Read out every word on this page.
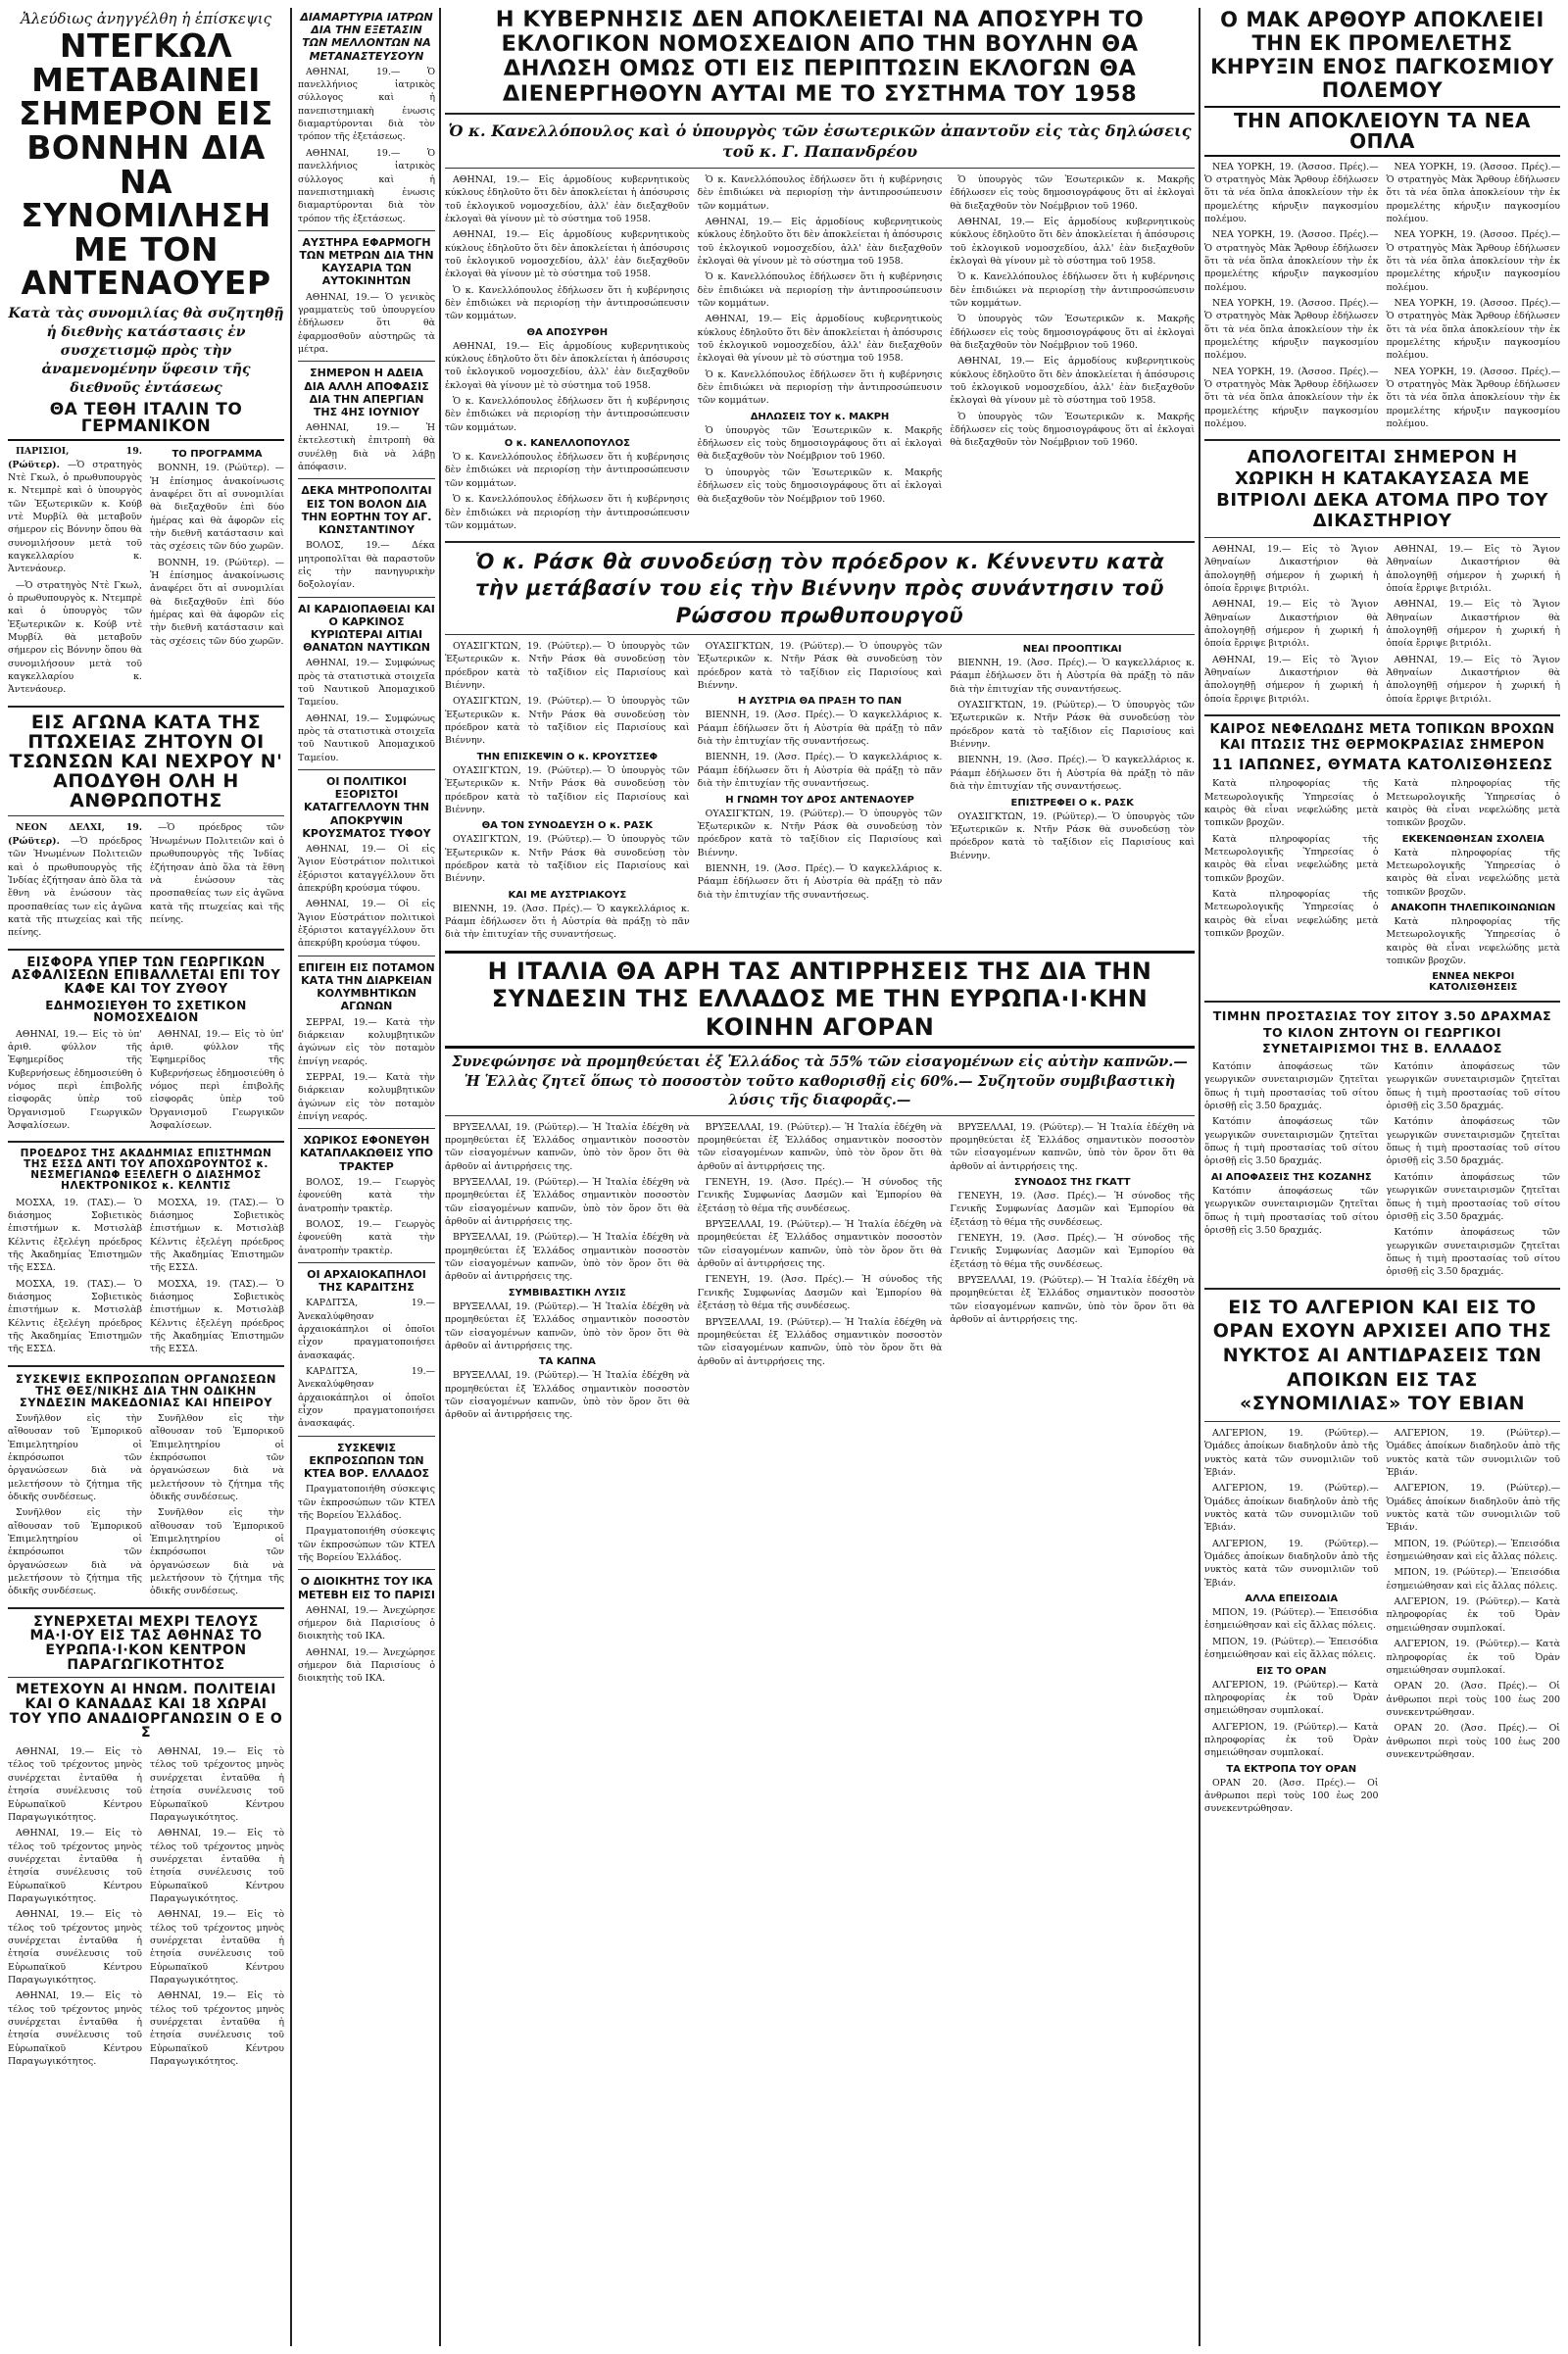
Ἀλεύδιως ἀνηγγέλθη ἡ ἐπίσκεψις
ΝΤΕΓΚΩΛ ΜΕΤΑΒΑΙΝΕΙ ΣΗΜΕΡΟΝ ΕΙΣ ΒΟΝΝΗΝ ΔΙΑ ΝΑ ΣΥΝΟΜΙΛΗΣΗ ΜΕ ΤΟΝ ΑΝΤΕΝΑΟΥΕΡ
Κατὰ τὰς συνομιλίας θὰ συζητηθῇ ἡ διεθνὴς κατάστασις ἐν συσχετισμῷ πρὸς τὴν ἀναμενομένην ὕφεσιν τῆς διεθνοῦς ἐντάσεως
ΘΑ ΤΕΘΗ ΙΤΑΛΙΝ ΤΟ ΓΕΡΜΑΝΙΚΟΝ

ΠΑΡΙΣΙΟΙ, 19. (Ρώϋτερ). —Ὁ στρατηγὸς Ντὲ Γκωλ, ὁ πρωθυπουργὸς κ. Ντεμπρὲ καὶ ὁ ὑπουργὸς τῶν Ἐξωτερικῶν κ. Κούβ ντὲ Μυρβίλ θὰ μεταβοῦν σήμερον εἰς Βόννην ὅπου θὰ συνομιλήσουν μετὰ τοῦ καγκελλαρίου κ. Ἀντενάουερ.

—Ὁ στρατηγὸς Ντὲ Γκωλ, ὁ πρωθυπουργὸς κ. Ντεμπρὲ καὶ ὁ ὑπουργὸς τῶν Ἐξωτερικῶν κ. Κούβ ντὲ Μυρβίλ θὰ μεταβοῦν σήμερον εἰς Βόννην ὅπου θὰ συνομιλήσουν μετὰ τοῦ καγκελλαρίου κ. Ἀντενάουερ.

ΤΟ ΠΡΟΓΡΑΜΜΑ

ΒΟΝΝΗ, 19. (Ρώϋτερ). —Ἡ ἐπίσημος ἀνακοίνωσις ἀναφέρει ὅτι αἱ συνομιλίαι θὰ διεξαχθοῦν ἐπὶ δύο ἡμέρας καὶ θὰ ἀφορῶν εἰς τὴν διεθνῆ κατάστασιν καὶ τὰς σχέσεις τῶν δύο χωρῶν.

ΒΟΝΝΗ, 19. (Ρώϋτερ). —Ἡ ἐπίσημος ἀνακοίνωσις ἀναφέρει ὅτι αἱ συνομιλίαι θὰ διεξαχθοῦν ἐπὶ δύο ἡμέρας καὶ θὰ ἀφορῶν εἰς τὴν διεθνῆ κατάστασιν καὶ τὰς σχέσεις τῶν δύο χωρῶν.

ΕΙΣ ΑΓΩΝΑ ΚΑΤΑ ΤΗΣ ΠΤΩΧΕΙΑΣ ΖΗΤΟΥΝ ΟΙ ΤΣΩΝΣΩΝ ΚΑΙ ΝΕΧΡΟΥ Ν' ΑΠΟΔΥΘΗ ΟΛΗ Η ΑΝΘΡΩΠΟΤΗΣ

ΝΕΟΝ ΔΕΛΧΙ, 19. (Ρώϋτερ). —Ὁ πρόεδρος τῶν Ἡνωμένων Πολιτειῶν καὶ ὁ πρωθυπουργὸς τῆς Ἰνδίας ἐζήτησαν ἀπὸ ὅλα τὰ ἔθνη νὰ ἑνώσουν τὰς προσπαθείας των εἰς ἀγῶνα κατὰ τῆς πτωχείας καὶ τῆς πείνης.

—Ὁ πρόεδρος τῶν Ἡνωμένων Πολιτειῶν καὶ ὁ πρωθυπουργὸς τῆς Ἰνδίας ἐζήτησαν ἀπὸ ὅλα τὰ ἔθνη νὰ ἑνώσουν τὰς προσπαθείας των εἰς ἀγῶνα κατὰ τῆς πτωχείας καὶ τῆς πείνης.

ΕΙΣΦΟΡΑ ΥΠΕΡ ΤΩΝ ΓΕΩΡΓΙΚΩΝ ΑΣΦΑΛΙΣΕΩΝ ΕΠΙΒΑΛΛΕΤΑΙ ΕΠΙ ΤΟΥ ΚΑΦΕ ΚΑΙ ΤΟΥ ΖΥΘΟΥ
ΕΔΗΜΟΣΙΕΥΘΗ ΤΟ ΣΧΕΤΙΚΟΝ ΝΟΜΟΣΧΕΔΙΟΝ

ΑΘΗΝΑΙ, 19.— Εἰς τὸ ὑπ' ἀριθ. φύλλον τῆς Ἐφημερίδος τῆς Κυβερνήσεως ἐδημοσιεύθη ὁ νόμος περὶ ἐπιβολῆς εἰσφορᾶς ὑπὲρ τοῦ Ὀργανισμοῦ Γεωργικῶν Ἀσφαλίσεων.

ΑΘΗΝΑΙ, 19.— Εἰς τὸ ὑπ' ἀριθ. φύλλον τῆς Ἐφημερίδος τῆς Κυβερνήσεως ἐδημοσιεύθη ὁ νόμος περὶ ἐπιβολῆς εἰσφορᾶς ὑπὲρ τοῦ Ὀργανισμοῦ Γεωργικῶν Ἀσφαλίσεων.

ΠΡΟΕΔΡΟΣ ΤΗΣ ΑΚΑΔΗΜΙΑΣ ΕΠΙΣΤΗΜΩΝ ΤΗΣ ΕΣΣΔ ΑΝΤΙ ΤΟΥ ΑΠΟΧΩΡΟΥΝΤΟΣ κ. ΝΕΣΜΕΓΙΑΝΩΦ ΕΞΕΛΕΓΗ Ο ΔΙΑΣΗΜΟΣ ΗΛΕΚΤΡΟΝΙΚΟΣ κ. ΚΕΛΝΤΙΣ

ΜΟΣΧΑ, 19. (ΤΑΣ).— Ὁ διάσημος Σοβιετικὸς ἐπιστήμων κ. Μστισλὰβ Κέλντις ἐξελέγη πρόεδρος τῆς Ἀκαδημίας Ἐπιστημῶν τῆς ΕΣΣΔ.

ΜΟΣΧΑ, 19. (ΤΑΣ).— Ὁ διάσημος Σοβιετικὸς ἐπιστήμων κ. Μστισλὰβ Κέλντις ἐξελέγη πρόεδρος τῆς Ἀκαδημίας Ἐπιστημῶν τῆς ΕΣΣΔ.

ΜΟΣΧΑ, 19. (ΤΑΣ).— Ὁ διάσημος Σοβιετικὸς ἐπιστήμων κ. Μστισλὰβ Κέλντις ἐξελέγη πρόεδρος τῆς Ἀκαδημίας Ἐπιστημῶν τῆς ΕΣΣΔ.

ΜΟΣΧΑ, 19. (ΤΑΣ).— Ὁ διάσημος Σοβιετικὸς ἐπιστήμων κ. Μστισλὰβ Κέλντις ἐξελέγη πρόεδρος τῆς Ἀκαδημίας Ἐπιστημῶν τῆς ΕΣΣΔ.

ΣΥΣΚΕΨΙΣ ΕΚΠΡΟΣΩΠΩΝ ΟΡΓΑΝΩΣΕΩΝ ΤΗΣ ΘΕΣ/ΝΙΚΗΣ ΔΙΑ ΤΗΝ ΟΔΙΚΗΝ ΣΥΝΔΕΣΙΝ ΜΑΚΕΔΟΝΙΑΣ ΚΑΙ ΗΠΕΙΡΟΥ

Συνῆλθον εἰς τὴν αἴθουσαν τοῦ Ἐμπορικοῦ Ἐπιμελητηρίου οἱ ἐκπρόσωποι τῶν ὀργανώσεων διὰ νὰ μελετήσουν τὸ ζήτημα τῆς ὁδικῆς συνδέσεως.

Συνῆλθον εἰς τὴν αἴθουσαν τοῦ Ἐμπορικοῦ Ἐπιμελητηρίου οἱ ἐκπρόσωποι τῶν ὀργανώσεων διὰ νὰ μελετήσουν τὸ ζήτημα τῆς ὁδικῆς συνδέσεως.

Συνῆλθον εἰς τὴν αἴθουσαν τοῦ Ἐμπορικοῦ Ἐπιμελητηρίου οἱ ἐκπρόσωποι τῶν ὀργανώσεων διὰ νὰ μελετήσουν τὸ ζήτημα τῆς ὁδικῆς συνδέσεως.

Συνῆλθον εἰς τὴν αἴθουσαν τοῦ Ἐμπορικοῦ Ἐπιμελητηρίου οἱ ἐκπρόσωποι τῶν ὀργανώσεων διὰ νὰ μελετήσουν τὸ ζήτημα τῆς ὁδικῆς συνδέσεως.

ΣΥΝΕΡΧΕΤΑΙ ΜΕΧΡΙ ΤΕΛΟΥΣ ΜΑ·Ι·ΟΥ ΕΙΣ ΤΑΣ ΑΘΗΝΑΣ ΤΟ ΕΥΡΩΠΑ·Ι·ΚΟΝ ΚΕΝΤΡΟΝ ΠΑΡΑΓΩΓΙΚΟΤΗΤΟΣ
ΜΕΤΕΧΟΥΝ ΑΙ ΗΝΩΜ. ΠΟΛΙΤΕΙΑΙ ΚΑΙ Ο ΚΑΝΑΔΑΣ ΚΑΙ 18 ΧΩΡΑΙ ΤΟΥ ΥΠΟ ΑΝΑΔΙΟΡΓΑΝΩΣΙΝ Ο Ε Ο Σ

ΑΘΗΝΑΙ, 19.— Εἰς τὸ τέλος τοῦ τρέχοντος μηνὸς συνέρχεται ἐνταῦθα ἡ ἐτησία συνέλευσις τοῦ Εὐρωπαϊκοῦ Κέντρου Παραγωγικότητος.

ΑΘΗΝΑΙ, 19.— Εἰς τὸ τέλος τοῦ τρέχοντος μηνὸς συνέρχεται ἐνταῦθα ἡ ἐτησία συνέλευσις τοῦ Εὐρωπαϊκοῦ Κέντρου Παραγωγικότητος.

ΑΘΗΝΑΙ, 19.— Εἰς τὸ τέλος τοῦ τρέχοντος μηνὸς συνέρχεται ἐνταῦθα ἡ ἐτησία συνέλευσις τοῦ Εὐρωπαϊκοῦ Κέντρου Παραγωγικότητος.

ΑΘΗΝΑΙ, 19.— Εἰς τὸ τέλος τοῦ τρέχοντος μηνὸς συνέρχεται ἐνταῦθα ἡ ἐτησία συνέλευσις τοῦ Εὐρωπαϊκοῦ Κέντρου Παραγωγικότητος.

ΑΘΗΝΑΙ, 19.— Εἰς τὸ τέλος τοῦ τρέχοντος μηνὸς συνέρχεται ἐνταῦθα ἡ ἐτησία συνέλευσις τοῦ Εὐρωπαϊκοῦ Κέντρου Παραγωγικότητος.

ΑΘΗΝΑΙ, 19.— Εἰς τὸ τέλος τοῦ τρέχοντος μηνὸς συνέρχεται ἐνταῦθα ἡ ἐτησία συνέλευσις τοῦ Εὐρωπαϊκοῦ Κέντρου Παραγωγικότητος.

ΑΘΗΝΑΙ, 19.— Εἰς τὸ τέλος τοῦ τρέχοντος μηνὸς συνέρχεται ἐνταῦθα ἡ ἐτησία συνέλευσις τοῦ Εὐρωπαϊκοῦ Κέντρου Παραγωγικότητος.

ΑΘΗΝΑΙ, 19.— Εἰς τὸ τέλος τοῦ τρέχοντος μηνὸς συνέρχεται ἐνταῦθα ἡ ἐτησία συνέλευσις τοῦ Εὐρωπαϊκοῦ Κέντρου Παραγωγικότητος.

ΔΙΑΜΑΡΤΥΡΙΑ ΙΑΤΡΩΝ ΔΙΑ ΤΗΝ ΕΞΕΤΑΣΙΝ ΤΩΝ ΜΕΛΛΟΝΤΩΝ ΝΑ ΜΕΤΑΝΑΣΤΕΥΣΟΥΝ

ΑΘΗΝΑΙ, 19.— Ὁ πανελλήνιος ἰατρικὸς σύλλογος καὶ ἡ πανεπιστημιακὴ ἐνωσις διαμαρτύρονται διὰ τὸν τρόπον τῆς ἐξετάσεως.

ΑΘΗΝΑΙ, 19.— Ὁ πανελλήνιος ἰατρικὸς σύλλογος καὶ ἡ πανεπιστημιακὴ ἐνωσις διαμαρτύρονται διὰ τὸν τρόπον τῆς ἐξετάσεως.

ΑΥΣΤΗΡΑ ΕΦΑΡΜΟΓΗ ΤΩΝ ΜΕΤΡΩΝ ΔΙΑ ΤΗΝ ΚΑΥΣΑΡΙΑ ΤΩΝ ΑΥΤΟΚΙΝΗΤΩΝ

ΑΘΗΝΑΙ, 19.— Ὁ γενικὸς γραμματεὺς τοῦ ὑπουργείου ἐδήλωσεν ὅτι θὰ ἐφαρμοσθοῦν αὐστηρῶς τὰ μέτρα.

ΣΗΜΕΡΟΝ Η ΑΔΕΙΑ ΔΙΑ ΑΛΛΗ ΑΠΟΦΑΣΙΣ ΔΙΑ ΤΗΝ ΑΠΕΡΓΙΑΝ ΤΗΣ 4ΗΣ ΙΟΥΝΙΟΥ

ΑΘΗΝΑΙ, 19.— Ἡ ἐκτελεστικὴ ἐπιτροπὴ θὰ συνέλθῃ διὰ νὰ λάβῃ ἀπόφασιν.

ΔΕΚΑ ΜΗΤΡΟΠΟΛΙΤΑΙ ΕΙΣ ΤΟΝ ΒΟΛΟΝ ΔΙΑ ΤΗΝ ΕΟΡΤΗΝ ΤΟΥ ΑΓ. ΚΩΝΣΤΑΝΤΙΝΟΥ

ΒΟΛΟΣ, 19.— Δέκα μητροπολῖται θὰ παραστοῦν εἰς τὴν πανηγυρικὴν δοξολογίαν.

ΑΙ ΚΑΡΔΙΟΠΑΘΕΙΑΙ ΚΑΙ Ο ΚΑΡΚΙΝΟΣ ΚΥΡΙΩΤΕΡΑΙ ΑΙΤΙΑΙ ΘΑΝΑΤΩΝ ΝΑΥΤΙΚΩΝ

ΑΘΗΝΑΙ, 19.— Συμφώνως πρὸς τὰ στατιστικὰ στοιχεῖα τοῦ Ναυτικοῦ Ἀπομαχικοῦ Ταμείου.

ΑΘΗΝΑΙ, 19.— Συμφώνως πρὸς τὰ στατιστικὰ στοιχεῖα τοῦ Ναυτικοῦ Ἀπομαχικοῦ Ταμείου.

ΟΙ ΠΟΛΙΤΙΚΟΙ ΕΞΟΡΙΣΤΟΙ ΚΑΤΑΓΓΕΛΛΟΥΝ ΤΗΝ ΑΠΟΚΡΥΨΙΝ ΚΡΟΥΣΜΑΤΟΣ ΤΥΦΟΥ

ΑΘΗΝΑΙ, 19.— Οἱ εἰς Ἅγιον Εὐστράτιον πολιτικοὶ ἐξόριστοι καταγγέλλουν ὅτι ἀπεκρύβη κρούσμα τύφου.

ΑΘΗΝΑΙ, 19.— Οἱ εἰς Ἅγιον Εὐστράτιον πολιτικοὶ ἐξόριστοι καταγγέλλουν ὅτι ἀπεκρύβη κρούσμα τύφου.

ΕΠΙΓΕΙΗ ΕΙΣ ΠΟΤΑΜΟΝ ΚΑΤΑ ΤΗΝ ΔΙΑΡΚΕΙΑΝ ΚΟΛΥΜΒΗΤΙΚΩΝ ΑΓΩΝΩΝ

ΣΕΡΡΑΙ, 19.— Κατὰ τὴν διάρκειαν κολυμβητικῶν ἀγώνων εἰς τὸν ποταμὸν ἐπνίγη νεαρός.

ΣΕΡΡΑΙ, 19.— Κατὰ τὴν διάρκειαν κολυμβητικῶν ἀγώνων εἰς τὸν ποταμὸν ἐπνίγη νεαρός.

ΧΩΡΙΚΟΣ ΕΦΟΝΕΥΘΗ ΚΑΤΑΠΛΑΚΩΘΕΙΣ ΥΠΟ ΤΡΑΚΤΕΡ

ΒΟΛΟΣ, 19.— Γεωργὸς ἐφονεύθη κατὰ τὴν ἀνατροπὴν τρακτὲρ.

ΒΟΛΟΣ, 19.— Γεωργὸς ἐφονεύθη κατὰ τὴν ἀνατροπὴν τρακτὲρ.

ΟΙ ΑΡΧΑΙΟΚΑΠΗΛΟΙ ΤΗΣ ΚΑΡΔΙΤΣΗΣ

ΚΑΡΔΙΤΣΑ, 19.— Ἀνεκαλύφθησαν ἀρχαιοκάπηλοι οἱ ὁποῖοι εἶχον πραγματοποιήσει ἀνασκαφάς.

ΚΑΡΔΙΤΣΑ, 19.— Ἀνεκαλύφθησαν ἀρχαιοκάπηλοι οἱ ὁποῖοι εἶχον πραγματοποιήσει ἀνασκαφάς.

ΣΥΣΚΕΨΙΣ ΕΚΠΡΟΣΩΠΩΝ ΤΩΝ ΚΤΕΑ ΒΟΡ. ΕΛΛΑΔΟΣ

Πραγματοποιήθη σύσκεψις τῶν ἐκπροσώπων τῶν ΚΤΕΛ τῆς Βορείου Ἑλλάδος.

Πραγματοποιήθη σύσκεψις τῶν ἐκπροσώπων τῶν ΚΤΕΛ τῆς Βορείου Ἑλλάδος.

Ο ΔΙΟΙΚΗΤΗΣ ΤΟΥ ΙΚΑ ΜΕΤΕΒΗ ΕΙΣ ΤΟ ΠΑΡΙΣΙ

ΑΘΗΝΑΙ, 19.— Ἀνεχώρησε σήμερον διὰ Παρισίους ὁ διοικητὴς τοῦ ΙΚΑ.

ΑΘΗΝΑΙ, 19.— Ἀνεχώρησε σήμερον διὰ Παρισίους ὁ διοικητὴς τοῦ ΙΚΑ.

Η ΚΥΒΕΡΝΗΣΙΣ ΔΕΝ ΑΠΟΚΛΕΙΕΤΑΙ ΝΑ ΑΠΟΣΥΡΗ ΤΟ ΕΚΛΟΓΙΚΟΝ ΝΟΜΟΣΧΕΔΙΟΝ ΑΠΟ ΤΗΝ ΒΟΥΛΗΝ ΘΑ ΔΗΛΩΣΗ ΟΜΩΣ ΟΤΙ ΕΙΣ ΠΕΡΙΠΤΩΣΙΝ ΕΚΛΟΓΩΝ ΘΑ ΔΙΕΝΕΡΓΗΘΟΥΝ ΑΥΤΑΙ ΜΕ ΤΟ ΣΥΣΤΗΜΑ ΤΟΥ 1958
Ὁ κ. Κανελλόπουλος καὶ ὁ ὑπουργὸς τῶν ἐσωτερικῶν ἀπαντοῦν εἰς τὰς δηλώσεις τοῦ κ. Γ. Παπανδρέου

ΑΘΗΝΑΙ, 19.— Εἰς ἁρμοδίους κυβερνητικοὺς κύκλους ἐδηλοῦτο ὅτι δὲν ἀποκλείεται ἡ ἀπόσυρσις τοῦ ἐκλογικοῦ νομοσχεδίου, ἀλλ' ἐὰν διεξαχθοῦν ἐκλογαὶ θὰ γίνουν μὲ τὸ σύστημα τοῦ 1958.

ΑΘΗΝΑΙ, 19.— Εἰς ἁρμοδίους κυβερνητικοὺς κύκλους ἐδηλοῦτο ὅτι δὲν ἀποκλείεται ἡ ἀπόσυρσις τοῦ ἐκλογικοῦ νομοσχεδίου, ἀλλ' ἐὰν διεξαχθοῦν ἐκλογαὶ θὰ γίνουν μὲ τὸ σύστημα τοῦ 1958.

Ὁ κ. Κανελλόπουλος ἐδήλωσεν ὅτι ἡ κυβέρνησις δὲν ἐπιδιώκει νὰ περιορίσῃ τὴν ἀντιπροσώπευσιν τῶν κομμάτων.

ΘΑ ΑΠΟΣΥΡΘΗ

ΑΘΗΝΑΙ, 19.— Εἰς ἁρμοδίους κυβερνητικοὺς κύκλους ἐδηλοῦτο ὅτι δὲν ἀποκλείεται ἡ ἀπόσυρσις τοῦ ἐκλογικοῦ νομοσχεδίου, ἀλλ' ἐὰν διεξαχθοῦν ἐκλογαὶ θὰ γίνουν μὲ τὸ σύστημα τοῦ 1958.

Ὁ κ. Κανελλόπουλος ἐδήλωσεν ὅτι ἡ κυβέρνησις δὲν ἐπιδιώκει νὰ περιορίσῃ τὴν ἀντιπροσώπευσιν τῶν κομμάτων.

Ο κ. ΚΑΝΕΛΛΟΠΟΥΛΟΣ

Ὁ κ. Κανελλόπουλος ἐδήλωσεν ὅτι ἡ κυβέρνησις δὲν ἐπιδιώκει νὰ περιορίσῃ τὴν ἀντιπροσώπευσιν τῶν κομμάτων.

Ὁ κ. Κανελλόπουλος ἐδήλωσεν ὅτι ἡ κυβέρνησις δὲν ἐπιδιώκει νὰ περιορίσῃ τὴν ἀντιπροσώπευσιν τῶν κομμάτων.

Ὁ κ. Κανελλόπουλος ἐδήλωσεν ὅτι ἡ κυβέρνησις δὲν ἐπιδιώκει νὰ περιορίσῃ τὴν ἀντιπροσώπευσιν τῶν κομμάτων.

ΑΘΗΝΑΙ, 19.— Εἰς ἁρμοδίους κυβερνητικοὺς κύκλους ἐδηλοῦτο ὅτι δὲν ἀποκλείεται ἡ ἀπόσυρσις τοῦ ἐκλογικοῦ νομοσχεδίου, ἀλλ' ἐὰν διεξαχθοῦν ἐκλογαὶ θὰ γίνουν μὲ τὸ σύστημα τοῦ 1958.

Ὁ κ. Κανελλόπουλος ἐδήλωσεν ὅτι ἡ κυβέρνησις δὲν ἐπιδιώκει νὰ περιορίσῃ τὴν ἀντιπροσώπευσιν τῶν κομμάτων.

ΑΘΗΝΑΙ, 19.— Εἰς ἁρμοδίους κυβερνητικοὺς κύκλους ἐδηλοῦτο ὅτι δὲν ἀποκλείεται ἡ ἀπόσυρσις τοῦ ἐκλογικοῦ νομοσχεδίου, ἀλλ' ἐὰν διεξαχθοῦν ἐκλογαὶ θὰ γίνουν μὲ τὸ σύστημα τοῦ 1958.

Ὁ κ. Κανελλόπουλος ἐδήλωσεν ὅτι ἡ κυβέρνησις δὲν ἐπιδιώκει νὰ περιορίσῃ τὴν ἀντιπροσώπευσιν τῶν κομμάτων.

ΔΗΛΩΣΕΙΣ ΤΟΥ κ. ΜΑΚΡΗ

Ὁ ὑπουργὸς τῶν Ἐσωτερικῶν κ. Μακρῆς ἐδήλωσεν εἰς τοὺς δημοσιογράφους ὅτι αἱ ἐκλογαὶ θὰ διεξαχθοῦν τὸν Νοέμβριον τοῦ 1960.

Ὁ ὑπουργὸς τῶν Ἐσωτερικῶν κ. Μακρῆς ἐδήλωσεν εἰς τοὺς δημοσιογράφους ὅτι αἱ ἐκλογαὶ θὰ διεξαχθοῦν τὸν Νοέμβριον τοῦ 1960.

Ὁ ὑπουργὸς τῶν Ἐσωτερικῶν κ. Μακρῆς ἐδήλωσεν εἰς τοὺς δημοσιογράφους ὅτι αἱ ἐκλογαὶ θὰ διεξαχθοῦν τὸν Νοέμβριον τοῦ 1960.

ΑΘΗΝΑΙ, 19.— Εἰς ἁρμοδίους κυβερνητικοὺς κύκλους ἐδηλοῦτο ὅτι δὲν ἀποκλείεται ἡ ἀπόσυρσις τοῦ ἐκλογικοῦ νομοσχεδίου, ἀλλ' ἐὰν διεξαχθοῦν ἐκλογαὶ θὰ γίνουν μὲ τὸ σύστημα τοῦ 1958.

Ὁ κ. Κανελλόπουλος ἐδήλωσεν ὅτι ἡ κυβέρνησις δὲν ἐπιδιώκει νὰ περιορίσῃ τὴν ἀντιπροσώπευσιν τῶν κομμάτων.

Ὁ ὑπουργὸς τῶν Ἐσωτερικῶν κ. Μακρῆς ἐδήλωσεν εἰς τοὺς δημοσιογράφους ὅτι αἱ ἐκλογαὶ θὰ διεξαχθοῦν τὸν Νοέμβριον τοῦ 1960.

ΑΘΗΝΑΙ, 19.— Εἰς ἁρμοδίους κυβερνητικοὺς κύκλους ἐδηλοῦτο ὅτι δὲν ἀποκλείεται ἡ ἀπόσυρσις τοῦ ἐκλογικοῦ νομοσχεδίου, ἀλλ' ἐὰν διεξαχθοῦν ἐκλογαὶ θὰ γίνουν μὲ τὸ σύστημα τοῦ 1958.

Ὁ ὑπουργὸς τῶν Ἐσωτερικῶν κ. Μακρῆς ἐδήλωσεν εἰς τοὺς δημοσιογράφους ὅτι αἱ ἐκλογαὶ θὰ διεξαχθοῦν τὸν Νοέμβριον τοῦ 1960.

Ὁ κ. Ράσκ θὰ συνοδεύσῃ τὸν πρόεδρον κ. Κέννεντυ κατὰ τὴν μετάβασίν του εἰς τὴν Βιέννην πρὸς συνάντησιν τοῦ Ρώσσου πρωθυπουργοῦ

ΟΥΑΣΙΓΚΤΩΝ, 19. (Ρώϋτερ).— Ὁ ὑπουργὸς τῶν Ἐξωτερικῶν κ. Ντῆν Ράσκ θὰ συνοδεύσῃ τὸν πρόεδρον κατὰ τὸ ταξίδιον εἰς Παρισίους καὶ Βιέννην.

ΟΥΑΣΙΓΚΤΩΝ, 19. (Ρώϋτερ).— Ὁ ὑπουργὸς τῶν Ἐξωτερικῶν κ. Ντῆν Ράσκ θὰ συνοδεύσῃ τὸν πρόεδρον κατὰ τὸ ταξίδιον εἰς Παρισίους καὶ Βιέννην.

ΤΗΝ ΕΠΙΣΚΕΨΙΝ Ο κ. ΚΡΟΥΣΤΣΕΦ

ΟΥΑΣΙΓΚΤΩΝ, 19. (Ρώϋτερ).— Ὁ ὑπουργὸς τῶν Ἐξωτερικῶν κ. Ντῆν Ράσκ θὰ συνοδεύσῃ τὸν πρόεδρον κατὰ τὸ ταξίδιον εἰς Παρισίους καὶ Βιέννην.

ΘΑ ΤΟΝ ΣΥΝΟΔΕΥΣΗ Ο κ. ΡΑΣΚ

ΟΥΑΣΙΓΚΤΩΝ, 19. (Ρώϋτερ).— Ὁ ὑπουργὸς τῶν Ἐξωτερικῶν κ. Ντῆν Ράσκ θὰ συνοδεύσῃ τὸν πρόεδρον κατὰ τὸ ταξίδιον εἰς Παρισίους καὶ Βιέννην.

ΚΑΙ ΜΕ ΑΥΣΤΡΙΑΚΟΥΣ

ΒΙΕΝΝΗ, 19. (Ἀσσ. Πρές).— Ὁ καγκελλάριος κ. Ράαμπ ἐδήλωσεν ὅτι ἡ Αὐστρία θὰ πράξῃ τὸ πᾶν διὰ τὴν ἐπιτυχίαν τῆς συναντήσεως.

ΟΥΑΣΙΓΚΤΩΝ, 19. (Ρώϋτερ).— Ὁ ὑπουργὸς τῶν Ἐξωτερικῶν κ. Ντῆν Ράσκ θὰ συνοδεύσῃ τὸν πρόεδρον κατὰ τὸ ταξίδιον εἰς Παρισίους καὶ Βιέννην.

Η ΑΥΣΤΡΙΑ ΘΑ ΠΡΑΞΗ ΤΟ ΠΑΝ

ΒΙΕΝΝΗ, 19. (Ἀσσ. Πρές).— Ὁ καγκελλάριος κ. Ράαμπ ἐδήλωσεν ὅτι ἡ Αὐστρία θὰ πράξῃ τὸ πᾶν διὰ τὴν ἐπιτυχίαν τῆς συναντήσεως.

ΒΙΕΝΝΗ, 19. (Ἀσσ. Πρές).— Ὁ καγκελλάριος κ. Ράαμπ ἐδήλωσεν ὅτι ἡ Αὐστρία θὰ πράξῃ τὸ πᾶν διὰ τὴν ἐπιτυχίαν τῆς συναντήσεως.

Η ΓΝΩΜΗ ΤΟΥ ΔΡΟΣ ΑΝΤΕΝΑΟΥΕΡ

ΟΥΑΣΙΓΚΤΩΝ, 19. (Ρώϋτερ).— Ὁ ὑπουργὸς τῶν Ἐξωτερικῶν κ. Ντῆν Ράσκ θὰ συνοδεύσῃ τὸν πρόεδρον κατὰ τὸ ταξίδιον εἰς Παρισίους καὶ Βιέννην.

ΒΙΕΝΝΗ, 19. (Ἀσσ. Πρές).— Ὁ καγκελλάριος κ. Ράαμπ ἐδήλωσεν ὅτι ἡ Αὐστρία θὰ πράξῃ τὸ πᾶν διὰ τὴν ἐπιτυχίαν τῆς συναντήσεως.

ΝΕΑΙ ΠΡΟΟΠΤΙΚΑΙ

ΒΙΕΝΝΗ, 19. (Ἀσσ. Πρές).— Ὁ καγκελλάριος κ. Ράαμπ ἐδήλωσεν ὅτι ἡ Αὐστρία θὰ πράξῃ τὸ πᾶν διὰ τὴν ἐπιτυχίαν τῆς συναντήσεως.

ΟΥΑΣΙΓΚΤΩΝ, 19. (Ρώϋτερ).— Ὁ ὑπουργὸς τῶν Ἐξωτερικῶν κ. Ντῆν Ράσκ θὰ συνοδεύσῃ τὸν πρόεδρον κατὰ τὸ ταξίδιον εἰς Παρισίους καὶ Βιέννην.

ΒΙΕΝΝΗ, 19. (Ἀσσ. Πρές).— Ὁ καγκελλάριος κ. Ράαμπ ἐδήλωσεν ὅτι ἡ Αὐστρία θὰ πράξῃ τὸ πᾶν διὰ τὴν ἐπιτυχίαν τῆς συναντήσεως.

ΕΠΙΣΤΡΕΦΕΙ Ο κ. ΡΑΣΚ

ΟΥΑΣΙΓΚΤΩΝ, 19. (Ρώϋτερ).— Ὁ ὑπουργὸς τῶν Ἐξωτερικῶν κ. Ντῆν Ράσκ θὰ συνοδεύσῃ τὸν πρόεδρον κατὰ τὸ ταξίδιον εἰς Παρισίους καὶ Βιέννην.

Η ΙΤΑΛΙΑ ΘΑ ΑΡΗ ΤΑΣ ΑΝΤΙΡΡΗΣΕΙΣ ΤΗΣ ΔΙΑ ΤΗΝ ΣΥΝΔΕΣΙΝ ΤΗΣ ΕΛΛΑΔΟΣ ΜΕ ΤΗΝ ΕΥΡΩΠΑ·Ι·ΚΗΝ ΚΟΙΝΗΝ ΑΓΟΡΑΝ
Συνεφώνησε νὰ προμηθεύεται ἐξ Ἑλλάδος τὰ 55% τῶν εἰσαγομένων εἰς αὐτὴν καπνῶν.— Ἡ Ἑλλὰς ζητεῖ ὅπως τὸ ποσοστὸν τοῦτο καθορισθῇ εἰς 60%.— Συζητοῦν συμβιβαστικὴ λύσις τῆς διαφορᾶς.—

ΒΡΥΞΕΛΛΑΙ, 19. (Ρώϋτερ).— Ἡ Ἰταλία ἐδέχθη νὰ προμηθεύεται ἐξ Ἑλλάδος σημαντικὸν ποσοστὸν τῶν εἰσαγομένων καπνῶν, ὑπὸ τὸν ὅρον ὅτι θὰ ἀρθοῦν αἱ ἀντιρρήσεις της.

ΒΡΥΞΕΛΛΑΙ, 19. (Ρώϋτερ).— Ἡ Ἰταλία ἐδέχθη νὰ προμηθεύεται ἐξ Ἑλλάδος σημαντικὸν ποσοστὸν τῶν εἰσαγομένων καπνῶν, ὑπὸ τὸν ὅρον ὅτι θὰ ἀρθοῦν αἱ ἀντιρρήσεις της.

ΒΡΥΞΕΛΛΑΙ, 19. (Ρώϋτερ).— Ἡ Ἰταλία ἐδέχθη νὰ προμηθεύεται ἐξ Ἑλλάδος σημαντικὸν ποσοστὸν τῶν εἰσαγομένων καπνῶν, ὑπὸ τὸν ὅρον ὅτι θὰ ἀρθοῦν αἱ ἀντιρρήσεις της.

ΣΥΜΒΙΒΑΣΤΙΚΗ ΛΥΣΙΣ

ΒΡΥΞΕΛΛΑΙ, 19. (Ρώϋτερ).— Ἡ Ἰταλία ἐδέχθη νὰ προμηθεύεται ἐξ Ἑλλάδος σημαντικὸν ποσοστὸν τῶν εἰσαγομένων καπνῶν, ὑπὸ τὸν ὅρον ὅτι θὰ ἀρθοῦν αἱ ἀντιρρήσεις της.

ΤΑ ΚΑΠΝΑ

ΒΡΥΞΕΛΛΑΙ, 19. (Ρώϋτερ).— Ἡ Ἰταλία ἐδέχθη νὰ προμηθεύεται ἐξ Ἑλλάδος σημαντικὸν ποσοστὸν τῶν εἰσαγομένων καπνῶν, ὑπὸ τὸν ὅρον ὅτι θὰ ἀρθοῦν αἱ ἀντιρρήσεις της.

ΒΡΥΞΕΛΛΑΙ, 19. (Ρώϋτερ).— Ἡ Ἰταλία ἐδέχθη νὰ προμηθεύεται ἐξ Ἑλλάδος σημαντικὸν ποσοστὸν τῶν εἰσαγομένων καπνῶν, ὑπὸ τὸν ὅρον ὅτι θὰ ἀρθοῦν αἱ ἀντιρρήσεις της.

ΓΕΝΕΥΗ, 19. (Ἀσσ. Πρές).— Ἡ σύνοδος τῆς Γενικῆς Συμφωνίας Δασμῶν καὶ Ἐμπορίου θὰ ἐξετάσῃ τὸ θέμα τῆς συνδέσεως.

ΒΡΥΞΕΛΛΑΙ, 19. (Ρώϋτερ).— Ἡ Ἰταλία ἐδέχθη νὰ προμηθεύεται ἐξ Ἑλλάδος σημαντικὸν ποσοστὸν τῶν εἰσαγομένων καπνῶν, ὑπὸ τὸν ὅρον ὅτι θὰ ἀρθοῦν αἱ ἀντιρρήσεις της.

ΓΕΝΕΥΗ, 19. (Ἀσσ. Πρές).— Ἡ σύνοδος τῆς Γενικῆς Συμφωνίας Δασμῶν καὶ Ἐμπορίου θὰ ἐξετάσῃ τὸ θέμα τῆς συνδέσεως.

ΒΡΥΞΕΛΛΑΙ, 19. (Ρώϋτερ).— Ἡ Ἰταλία ἐδέχθη νὰ προμηθεύεται ἐξ Ἑλλάδος σημαντικὸν ποσοστὸν τῶν εἰσαγομένων καπνῶν, ὑπὸ τὸν ὅρον ὅτι θὰ ἀρθοῦν αἱ ἀντιρρήσεις της.

ΒΡΥΞΕΛΛΑΙ, 19. (Ρώϋτερ).— Ἡ Ἰταλία ἐδέχθη νὰ προμηθεύεται ἐξ Ἑλλάδος σημαντικὸν ποσοστὸν τῶν εἰσαγομένων καπνῶν, ὑπὸ τὸν ὅρον ὅτι θὰ ἀρθοῦν αἱ ἀντιρρήσεις της.

ΣΥΝΟΔΟΣ ΤΗΣ ΓΚΑΤΤ

ΓΕΝΕΥΗ, 19. (Ἀσσ. Πρές).— Ἡ σύνοδος τῆς Γενικῆς Συμφωνίας Δασμῶν καὶ Ἐμπορίου θὰ ἐξετάσῃ τὸ θέμα τῆς συνδέσεως.

ΓΕΝΕΥΗ, 19. (Ἀσσ. Πρές).— Ἡ σύνοδος τῆς Γενικῆς Συμφωνίας Δασμῶν καὶ Ἐμπορίου θὰ ἐξετάσῃ τὸ θέμα τῆς συνδέσεως.

ΒΡΥΞΕΛΛΑΙ, 19. (Ρώϋτερ).— Ἡ Ἰταλία ἐδέχθη νὰ προμηθεύεται ἐξ Ἑλλάδος σημαντικὸν ποσοστὸν τῶν εἰσαγομένων καπνῶν, ὑπὸ τὸν ὅρον ὅτι θὰ ἀρθοῦν αἱ ἀντιρρήσεις της.

Ο ΜΑΚ ΑΡΘΟΥΡ ΑΠΟΚΛΕΙΕΙ ΤΗΝ ΕΚ ΠΡΟΜΕΛΕΤΗΣ ΚΗΡΥΞΙΝ ΕΝΟΣ ΠΑΓΚΟΣΜΙΟΥ ΠΟΛΕΜΟΥ
ΤΗΝ ΑΠΟΚΛΕΙΟΥΝ ΤΑ ΝΕΑ ΟΠΛΑ

ΝΕΑ ΥΟΡΚΗ, 19. (Ἀσσοσ. Πρές).— Ὁ στρατηγὸς Μὰκ Ἄρθουρ ἐδήλωσεν ὅτι τὰ νέα ὅπλα ἀποκλείουν τὴν ἐκ προμελέτης κήρυξιν παγκοσμίου πολέμου.

ΝΕΑ ΥΟΡΚΗ, 19. (Ἀσσοσ. Πρές).— Ὁ στρατηγὸς Μὰκ Ἄρθουρ ἐδήλωσεν ὅτι τὰ νέα ὅπλα ἀποκλείουν τὴν ἐκ προμελέτης κήρυξιν παγκοσμίου πολέμου.

ΝΕΑ ΥΟΡΚΗ, 19. (Ἀσσοσ. Πρές).— Ὁ στρατηγὸς Μὰκ Ἄρθουρ ἐδήλωσεν ὅτι τὰ νέα ὅπλα ἀποκλείουν τὴν ἐκ προμελέτης κήρυξιν παγκοσμίου πολέμου.

ΝΕΑ ΥΟΡΚΗ, 19. (Ἀσσοσ. Πρές).— Ὁ στρατηγὸς Μὰκ Ἄρθουρ ἐδήλωσεν ὅτι τὰ νέα ὅπλα ἀποκλείουν τὴν ἐκ προμελέτης κήρυξιν παγκοσμίου πολέμου.

ΝΕΑ ΥΟΡΚΗ, 19. (Ἀσσοσ. Πρές).— Ὁ στρατηγὸς Μὰκ Ἄρθουρ ἐδήλωσεν ὅτι τὰ νέα ὅπλα ἀποκλείουν τὴν ἐκ προμελέτης κήρυξιν παγκοσμίου πολέμου.

ΝΕΑ ΥΟΡΚΗ, 19. (Ἀσσοσ. Πρές).— Ὁ στρατηγὸς Μὰκ Ἄρθουρ ἐδήλωσεν ὅτι τὰ νέα ὅπλα ἀποκλείουν τὴν ἐκ προμελέτης κήρυξιν παγκοσμίου πολέμου.

ΝΕΑ ΥΟΡΚΗ, 19. (Ἀσσοσ. Πρές).— Ὁ στρατηγὸς Μὰκ Ἄρθουρ ἐδήλωσεν ὅτι τὰ νέα ὅπλα ἀποκλείουν τὴν ἐκ προμελέτης κήρυξιν παγκοσμίου πολέμου.

ΝΕΑ ΥΟΡΚΗ, 19. (Ἀσσοσ. Πρές).— Ὁ στρατηγὸς Μὰκ Ἄρθουρ ἐδήλωσεν ὅτι τὰ νέα ὅπλα ἀποκλείουν τὴν ἐκ προμελέτης κήρυξιν παγκοσμίου πολέμου.

ΑΠΟΛΟΓΕΙΤΑΙ ΣΗΜΕΡΟΝ Η ΧΩΡΙΚΗ Η ΚΑΤΑΚΑΥΣΑΣΑ ΜΕ ΒΙΤΡΙΟΛΙ ΔΕΚΑ ΑΤΟΜΑ ΠΡΟ ΤΟΥ ΔΙΚΑΣΤΗΡΙΟΥ

ΑΘΗΝΑΙ, 19.— Εἰς τὸ Ἅγιον Ἀθηναίων Δικαστήριον θὰ ἀπολογηθῇ σήμερον ἡ χωρική ἡ ὁποία ἔρριψε βιτριόλι.

ΑΘΗΝΑΙ, 19.— Εἰς τὸ Ἅγιον Ἀθηναίων Δικαστήριον θὰ ἀπολογηθῇ σήμερον ἡ χωρική ἡ ὁποία ἔρριψε βιτριόλι.

ΑΘΗΝΑΙ, 19.— Εἰς τὸ Ἅγιον Ἀθηναίων Δικαστήριον θὰ ἀπολογηθῇ σήμερον ἡ χωρική ἡ ὁποία ἔρριψε βιτριόλι.

ΑΘΗΝΑΙ, 19.— Εἰς τὸ Ἅγιον Ἀθηναίων Δικαστήριον θὰ ἀπολογηθῇ σήμερον ἡ χωρική ἡ ὁποία ἔρριψε βιτριόλι.

ΑΘΗΝΑΙ, 19.— Εἰς τὸ Ἅγιον Ἀθηναίων Δικαστήριον θὰ ἀπολογηθῇ σήμερον ἡ χωρική ἡ ὁποία ἔρριψε βιτριόλι.

ΑΘΗΝΑΙ, 19.— Εἰς τὸ Ἅγιον Ἀθηναίων Δικαστήριον θὰ ἀπολογηθῇ σήμερον ἡ χωρική ἡ ὁποία ἔρριψε βιτριόλι.

ΚΑΙΡΟΣ ΝΕΦΕΛΩΔΗΣ ΜΕΤΑ ΤΟΠΙΚΩΝ ΒΡΟΧΩΝ ΚΑΙ ΠΤΩΣΙΣ ΤΗΣ ΘΕΡΜΟΚΡΑΣΙΑΣ ΣΗΜΕΡΟΝ
11 ΙΑΠΩΝΕΣ, ΘΥΜΑΤΑ ΚΑΤΟΛΙΣΘΗΣΕΩΣ

Κατὰ πληροφορίας τῆς Μετεωρολογικῆς Ὑπηρεσίας ὁ καιρὸς θὰ εἶναι νεφελώδης μετὰ τοπικῶν βροχῶν.

Κατὰ πληροφορίας τῆς Μετεωρολογικῆς Ὑπηρεσίας ὁ καιρὸς θὰ εἶναι νεφελώδης μετὰ τοπικῶν βροχῶν.

Κατὰ πληροφορίας τῆς Μετεωρολογικῆς Ὑπηρεσίας ὁ καιρὸς θὰ εἶναι νεφελώδης μετὰ τοπικῶν βροχῶν.

Κατὰ πληροφορίας τῆς Μετεωρολογικῆς Ὑπηρεσίας ὁ καιρὸς θὰ εἶναι νεφελώδης μετὰ τοπικῶν βροχῶν.

ΕΚΕΚΕΝΩΘΗΣΑΝ ΣΧΟΛΕΙΑ

Κατὰ πληροφορίας τῆς Μετεωρολογικῆς Ὑπηρεσίας ὁ καιρὸς θὰ εἶναι νεφελώδης μετὰ τοπικῶν βροχῶν.

ΑΝΑΚΟΠΗ ΤΗΛΕΠΙΚΟΙΝΩΝΙΩΝ

Κατὰ πληροφορίας τῆς Μετεωρολογικῆς Ὑπηρεσίας ὁ καιρὸς θὰ εἶναι νεφελώδης μετὰ τοπικῶν βροχῶν.

ΕΝΝΕΑ ΝΕΚΡΟΙ ΚΑΤΟΛΙΣΘΗΣΕΙΣ
ΤΙΜΗΝ ΠΡΟΣΤΑΣΙΑΣ ΤΟΥ ΣΙΤΟΥ 3.50 ΔΡΑΧΜΑΣ ΤΟ ΚΙΛΟΝ ΖΗΤΟΥΝ ΟΙ ΓΕΩΡΓΙΚΟΙ ΣΥΝΕΤΑΙΡΙΣΜΟΙ ΤΗΣ Β. ΕΛΛΑΔΟΣ

Κατόπιν ἀποφάσεως τῶν γεωργικῶν συνεταιρισμῶν ζητεῖται ὅπως ἡ τιμὴ προστασίας τοῦ σίτου ὁρισθῇ εἰς 3.50 δραχμάς.

Κατόπιν ἀποφάσεως τῶν γεωργικῶν συνεταιρισμῶν ζητεῖται ὅπως ἡ τιμὴ προστασίας τοῦ σίτου ὁρισθῇ εἰς 3.50 δραχμάς.

ΑΙ ΑΠΟΦΑΣΕΙΣ ΤΗΣ ΚΟΖΑΝΗΣ

Κατόπιν ἀποφάσεως τῶν γεωργικῶν συνεταιρισμῶν ζητεῖται ὅπως ἡ τιμὴ προστασίας τοῦ σίτου ὁρισθῇ εἰς 3.50 δραχμάς.

Κατόπιν ἀποφάσεως τῶν γεωργικῶν συνεταιρισμῶν ζητεῖται ὅπως ἡ τιμὴ προστασίας τοῦ σίτου ὁρισθῇ εἰς 3.50 δραχμάς.

Κατόπιν ἀποφάσεως τῶν γεωργικῶν συνεταιρισμῶν ζητεῖται ὅπως ἡ τιμὴ προστασίας τοῦ σίτου ὁρισθῇ εἰς 3.50 δραχμάς.

Κατόπιν ἀποφάσεως τῶν γεωργικῶν συνεταιρισμῶν ζητεῖται ὅπως ἡ τιμὴ προστασίας τοῦ σίτου ὁρισθῇ εἰς 3.50 δραχμάς.

Κατόπιν ἀποφάσεως τῶν γεωργικῶν συνεταιρισμῶν ζητεῖται ὅπως ἡ τιμὴ προστασίας τοῦ σίτου ὁρισθῇ εἰς 3.50 δραχμάς.

ΕΙΣ ΤΟ ΑΛΓΕΡΙΟΝ ΚΑΙ ΕΙΣ ΤΟ ΟΡΑΝ ΕΧΟΥΝ ΑΡΧΙΣΕΙ ΑΠΟ ΤΗΣ ΝΥΚΤΟΣ ΑΙ ΑΝΤΙΔΡΑΣΕΙΣ ΤΩΝ ΑΠΟΙΚΩΝ ΕΙΣ ΤΑΣ «ΣΥΝΟΜΙΛΙΑΣ» ΤΟΥ ΕΒΙΑΝ

ΑΛΓΕΡΙΟΝ, 19. (Ρώϋτερ).— Ὁμάδες ἀποίκων διαδηλοῦν ἀπὸ τῆς νυκτὸς κατὰ τῶν συνομιλιῶν τοῦ Ἐβιάν.

ΑΛΓΕΡΙΟΝ, 19. (Ρώϋτερ).— Ὁμάδες ἀποίκων διαδηλοῦν ἀπὸ τῆς νυκτὸς κατὰ τῶν συνομιλιῶν τοῦ Ἐβιάν.

ΑΛΓΕΡΙΟΝ, 19. (Ρώϋτερ).— Ὁμάδες ἀποίκων διαδηλοῦν ἀπὸ τῆς νυκτὸς κατὰ τῶν συνομιλιῶν τοῦ Ἐβιάν.

ΑΛΛΑ ΕΠΕΙΣΟΔΙΑ

ΜΠΟΝ, 19. (Ρώϋτερ).— Ἐπεισόδια ἐσημειώθησαν καὶ εἰς ἄλλας πόλεις.

ΜΠΟΝ, 19. (Ρώϋτερ).— Ἐπεισόδια ἐσημειώθησαν καὶ εἰς ἄλλας πόλεις.

ΕΙΣ ΤΟ ΟΡΑΝ

ΑΛΓΕΡΙΟΝ, 19. (Ρώϋτερ).— Κατὰ πληροφορίας ἐκ τοῦ Ὀρὰν σημειώθησαν συμπλοκαί.

ΑΛΓΕΡΙΟΝ, 19. (Ρώϋτερ).— Κατὰ πληροφορίας ἐκ τοῦ Ὀρὰν σημειώθησαν συμπλοκαί.

ΤΑ ΕΚΤΡΟΠΑ ΤΟΥ ΟΡΑΝ

ΟΡΑΝ 20. (Ἀσσ. Πρές).— Οἱ ἀνθρωποι περὶ τοὺς 100 ἐως 200 συνεκεντρώθησαν.

ΑΛΓΕΡΙΟΝ, 19. (Ρώϋτερ).— Ὁμάδες ἀποίκων διαδηλοῦν ἀπὸ τῆς νυκτὸς κατὰ τῶν συνομιλιῶν τοῦ Ἐβιάν.

ΑΛΓΕΡΙΟΝ, 19. (Ρώϋτερ).— Ὁμάδες ἀποίκων διαδηλοῦν ἀπὸ τῆς νυκτὸς κατὰ τῶν συνομιλιῶν τοῦ Ἐβιάν.

ΜΠΟΝ, 19. (Ρώϋτερ).— Ἐπεισόδια ἐσημειώθησαν καὶ εἰς ἄλλας πόλεις.

ΜΠΟΝ, 19. (Ρώϋτερ).— Ἐπεισόδια ἐσημειώθησαν καὶ εἰς ἄλλας πόλεις.

ΑΛΓΕΡΙΟΝ, 19. (Ρώϋτερ).— Κατὰ πληροφορίας ἐκ τοῦ Ὀρὰν σημειώθησαν συμπλοκαί.

ΑΛΓΕΡΙΟΝ, 19. (Ρώϋτερ).— Κατὰ πληροφορίας ἐκ τοῦ Ὀρὰν σημειώθησαν συμπλοκαί.

ΟΡΑΝ 20. (Ἀσσ. Πρές).— Οἱ ἀνθρωποι περὶ τοὺς 100 ἐως 200 συνεκεντρώθησαν.

ΟΡΑΝ 20. (Ἀσσ. Πρές).— Οἱ ἀνθρωποι περὶ τοὺς 100 ἐως 200 συνεκεντρώθησαν.
